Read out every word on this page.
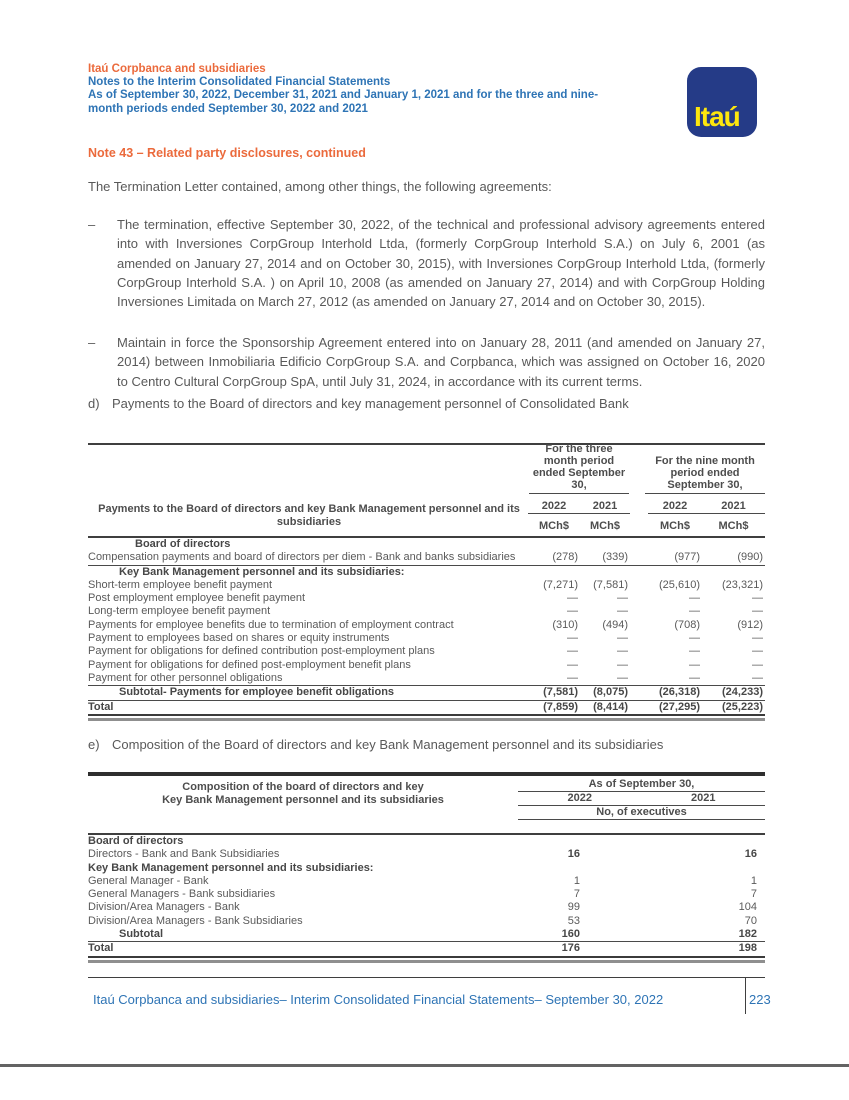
Itaú Corpbanca and subsidiaries
Notes to the Interim Consolidated Financial Statements
As of September 30, 2022, December 31, 2021 and January 1, 2021 and for the three and nine-
month periods ended September 30, 2022 and 2021	Itaú
Note 43 – Related party disclosures, continued
The Termination Letter contained, among other things, the following agreements:
–	The termination, effective September 30, 2022, of the technical and professional advisory agreements entered into with Inversiones CorpGroup Interhold Ltda, (formerly CorpGroup Interhold S.A.) on July 6, 2001 (as amended on January 27, 2014 and on October 30, 2015), with Inversiones CorpGroup Interhold Ltda, (formerly CorpGroup Interhold S.A. ) on April 10, 2008 (as amended on January 27, 2014) and with CorpGroup Holding Inversiones Limitada on March 27, 2012 (as amended on January 27, 2014 and on October 30, 2015).
–	Maintain in force the Sponsorship Agreement entered into on January 28, 2011 (and amended on January 27, 2014) between Inmobiliaria Edificio CorpGroup S.A. and Corpbanca, which was assigned on October 16, 2020 to Centro Cultural CorpGroup SpA, until July 31, 2024, in accordance with its current terms.
d) Payments to the Board of directors and key management personnel of Consolidated Bank
Payments to the Board of directors and key Bank Management personnel and its subsidiaries
For the three month period ended September 30,
For the nine month period ended September 30,
2022	2021	2022	2021
MCh$	MCh$	MCh$	MCh$
Board of directors
Compensation payments and board of directors per diem - Bank and banks subsidiaries	(278)	(339)	(977)	(990)
Key Bank Management personnel and its subsidiaries:
Short-term employee benefit payment	(7,271)	(7,581)	(25,610)	(23,321)
Post employment employee benefit payment	—	—	—	—
Long-term employee benefit payment	—	—	—	—
Payments for employee benefits due to termination of employment contract	(310)	(494)	(708)	(912)
Payment to employees based on shares or equity instruments	—	—	—	—
Payment for obligations for defined contribution post-employment plans	—	—	—	—
Payment for obligations for defined post-employment benefit plans	—	—	—	—
Payment for other personnel obligations	—	—	—	—
Subtotal- Payments for employee benefit obligations	(7,581)	(8,075)	(26,318)	(24,233)
Total	(7,859)	(8,414)	(27,295)	(25,223)
e) Composition of the Board of directors and key Bank Management personnel and its subsidiaries
Composition of the board of directors and key
Key Bank Management personnel and its subsidiaries
As of September 30,
2022	2021
No, of executives
Board of directors
Directors - Bank and Bank Subsidiaries	16	16
Key Bank Management personnel and its subsidiaries:
General Manager - Bank	1	1
General Managers - Bank subsidiaries	7	7
Division/Area Managers - Bank	99	104
Division/Area Managers - Bank Subsidiaries	53	70
Subtotal	160	182
Total	176	198
Itaú Corpbanca and subsidiaries– Interim Consolidated Financial Statements– September 30, 2022	223
